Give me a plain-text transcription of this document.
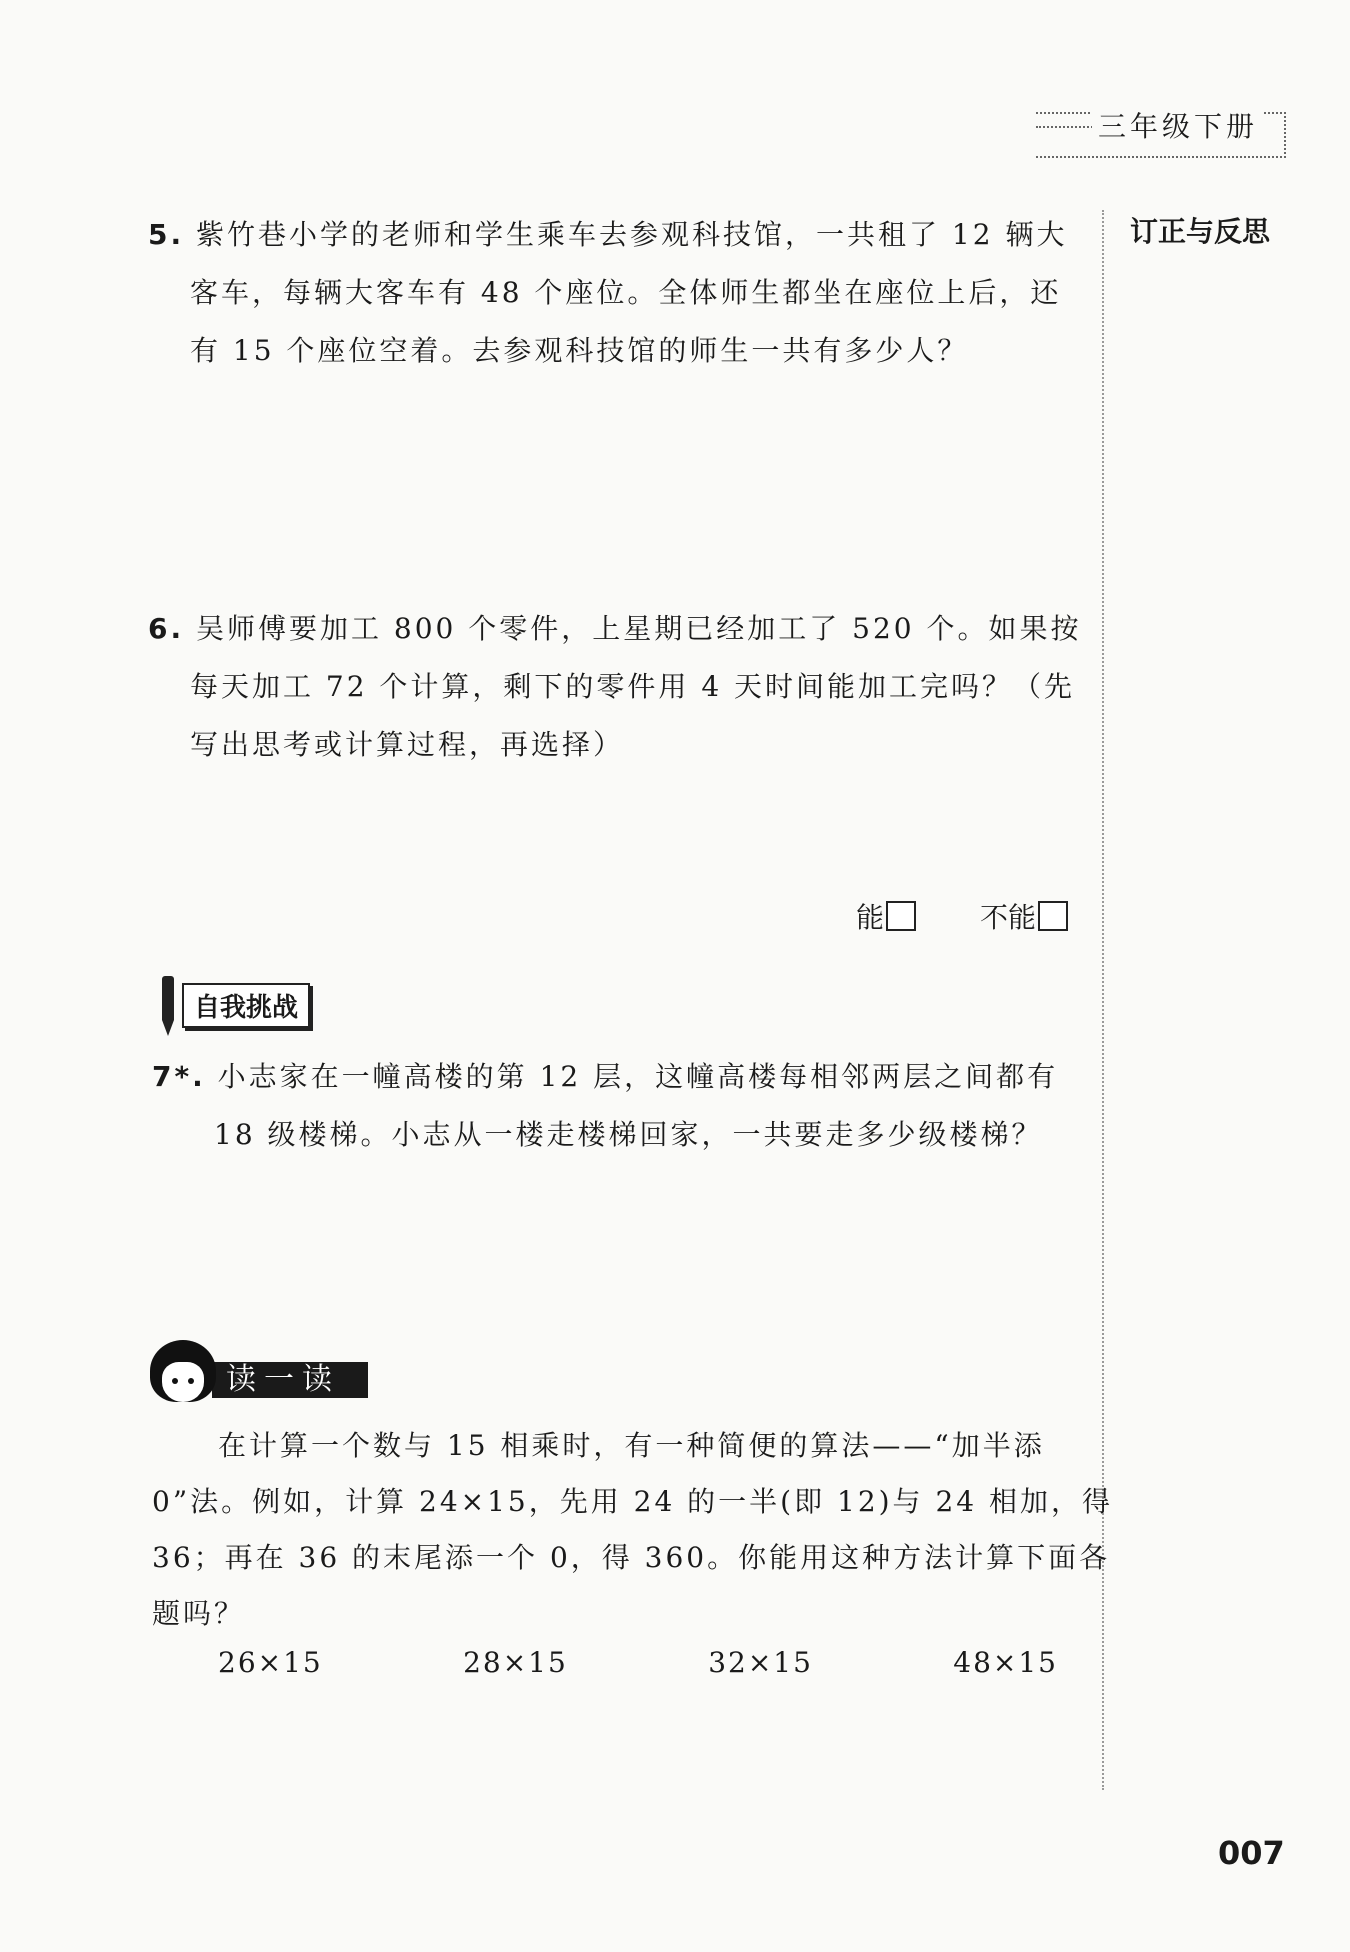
三年级下册
订正与反思
5. 紫竹巷小学的老师和学生乘车去参观科技馆，一共租了 12 辆大
客车，每辆大客车有 48 个座位。全体师生都坐在座位上后，还
有 15 个座位空着。去参观科技馆的师生一共有多少人？
6. 吴师傅要加工 800 个零件，上星期已经加工了 520 个。如果按
每天加工 72 个计算，剩下的零件用 4 天时间能加工完吗？（先
写出思考或计算过程，再选择）
能	不能
自我挑战
7*. 小志家在一幢高楼的第 12 层，这幢高楼每相邻两层之间都有
18 级楼梯。小志从一楼走楼梯回家，一共要走多少级楼梯？
读一读
在计算一个数与 15 相乘时，有一种简便的算法——“加半添
0”法。例如，计算 24×15，先用 24 的一半(即 12)与 24 相加，得
36；再在 36 的末尾添一个 0，得 360。你能用这种方法计算下面各
题吗？
26×15	28×15	32×15	48×15
007
